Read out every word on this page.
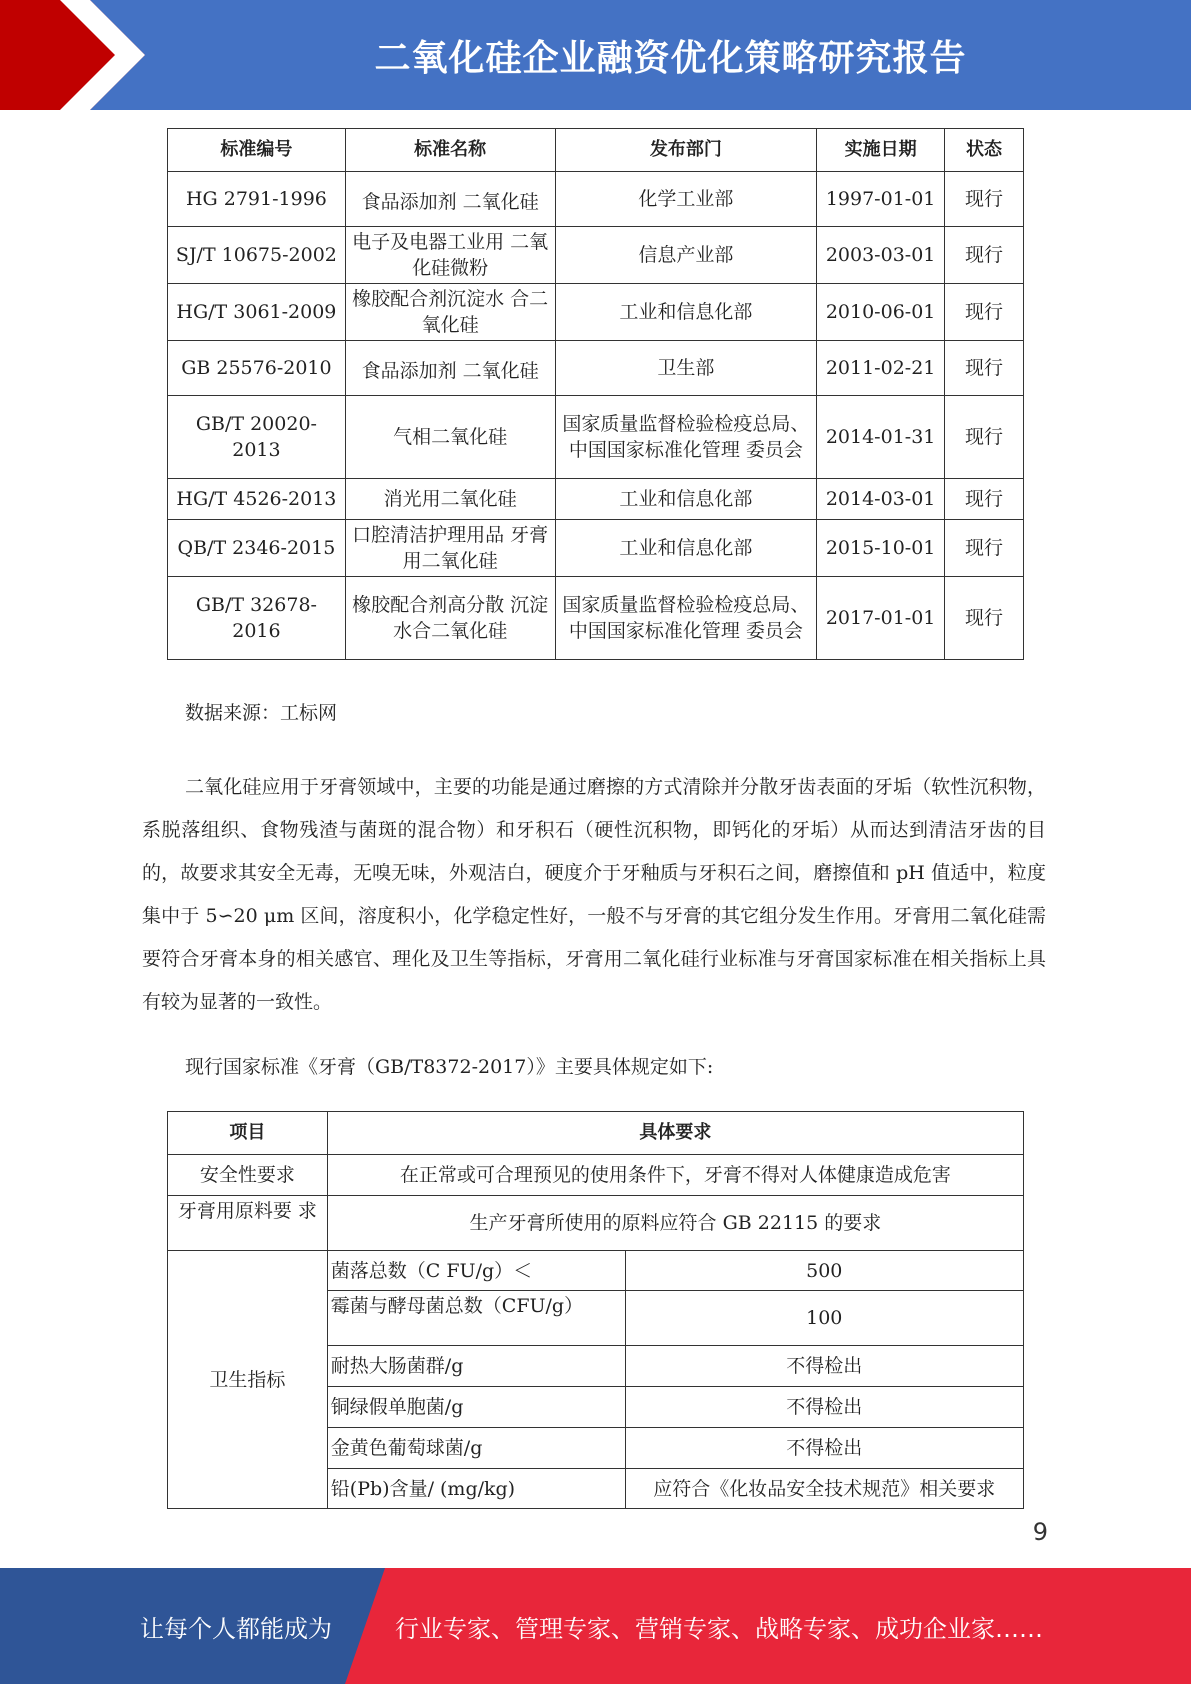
二氧化硅企业融资优化策略研究报告
标准编号	标准名称	发布部门	实施日期	状态
HG 2791-1996	食品添加剂 二氧化硅	化学工业部	1997-01-01	现行
SJ/T 10675-2002	电子及电器工业用 二氧化硅微粉	信息产业部	2003-03-01	现行
HG/T 3061-2009	橡胶配合剂沉淀水 合二氧化硅	工业和信息化部	2010-06-01	现行
GB 25576-2010	食品添加剂 二氧化硅	卫生部	2011-02-21	现行
GB/T 20020-2013	气相二氧化硅	国家质量监督检验检疫总局、中国国家标准化管理 委员会	2014-01-31	现行
HG/T 4526-2013	消光用二氧化硅	工业和信息化部	2014-03-01	现行
QB/T 2346-2015	口腔清洁护理用品 牙膏用二氧化硅	工业和信息化部	2015-10-01	现行
GB/T 32678-2016	橡胶配合剂高分散 沉淀水合二氧化硅	国家质量监督检验检疫总局、中国国家标准化管理 委员会	2017-01-01	现行
数据来源：工标网
二氧化硅应用于牙膏领域中，主要的功能是通过磨擦的方式清除并分散牙齿表面的牙垢（软性沉积物，系脱落组织、食物残渣与菌斑的混合物）和牙积石（硬性沉积物，即钙化的牙垢）从而达到清洁牙齿的目的，故要求其安全无毒，无嗅无味，外观洁白，硬度介于牙釉质与牙积石之间，磨擦值和 pH 值适中，粒度集中于 5∽20 μm 区间，溶度积小，化学稳定性好，一般不与牙膏的其它组分发生作用。牙膏用二氧化硅需要符合牙膏本身的相关感官、理化及卫生等指标，牙膏用二氧化硅行业标准与牙膏国家标准在相关指标上具有较为显著的一致性。
现行国家标准《牙膏（GB/T8372-2017）》主要具体规定如下:
项目	具体要求	
安全性要求	在正常或可合理预见的使用条件下，牙膏不得对人体健康造成危害	
牙膏用原料要 求	生产牙膏所使用的原料应符合 GB 22115 的要求	
卫生指标	菌落总数（C FU/g）＜	500
	霉菌与酵母菌总数（CFU/g）	100
	耐热大肠菌群/g	不得检出
	铜绿假单胞菌/g	不得检出
	金黄色葡萄球菌/g	不得检出
	铅(Pb)含量/ (mg/kg)	应符合《化妆品安全技术规范》相关要求
9
让每个人都能成为	行业专家、管理专家、营销专家、战略专家、成功企业家……
